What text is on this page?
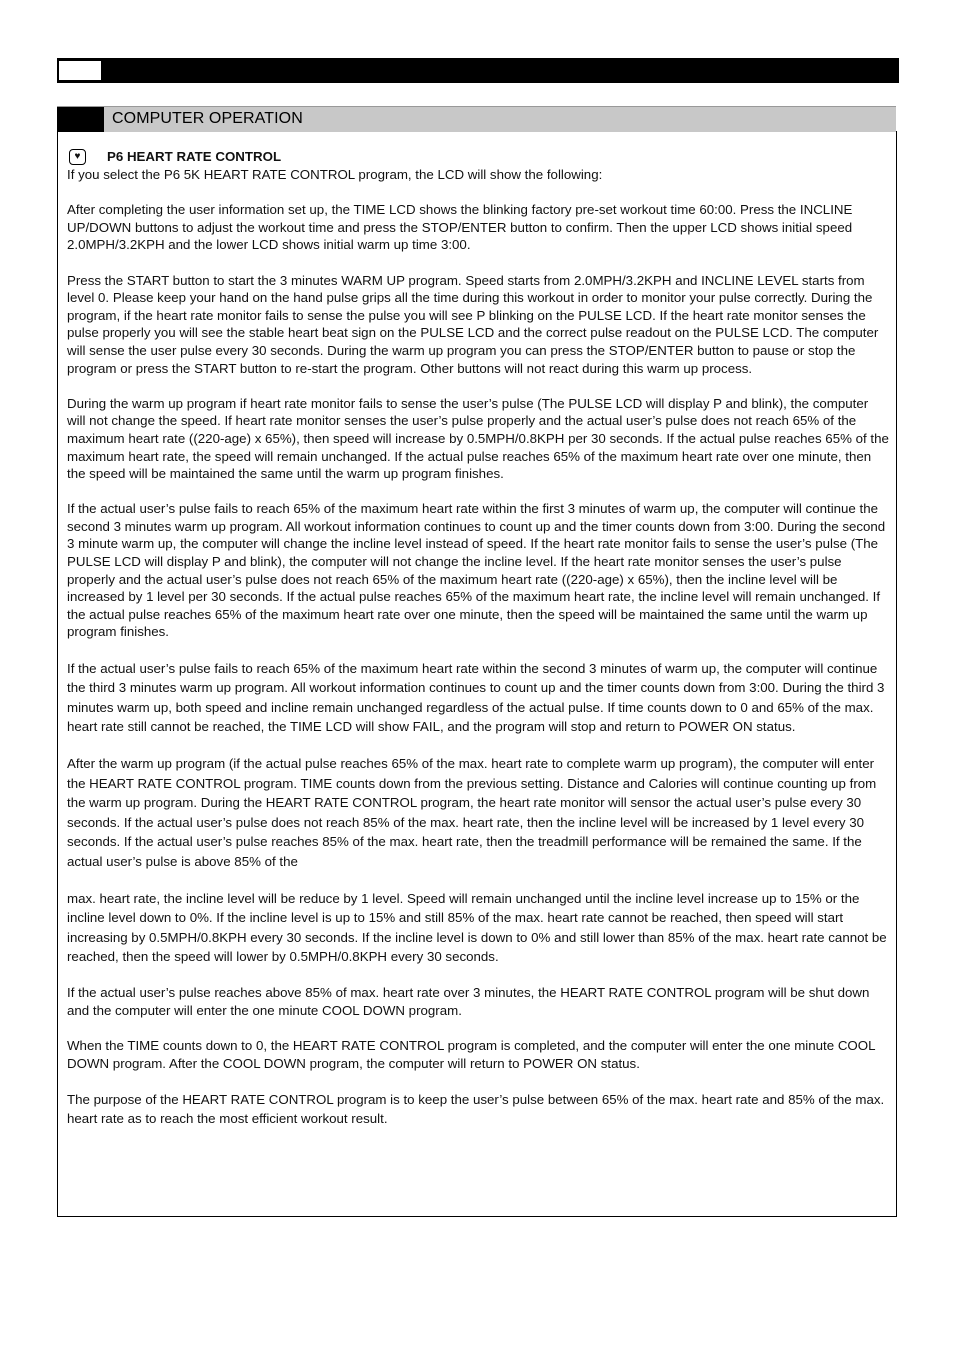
COMPUTER OPERATION
♥	P6 HEART RATE CONTROL

If you select the P6 5K HEART RATE CONTROL program, the LCD will show the following:

After completing the user information set up, the TIME LCD shows the blinking factory pre-set workout time 60:00. Press the INCLINE UP/DOWN buttons to adjust the workout time and press the STOP/ENTER button to confirm. Then the upper LCD shows initial speed 2.0MPH/3.2KPH and the lower LCD shows initial warm up time 3:00.

Press the START button to start the 3 minutes WARM UP program. Speed starts from 2.0MPH/3.2KPH and INCLINE LEVEL starts from level 0. Please keep your hand on the hand pulse grips all the time during this workout in order to monitor your pulse correctly. During the program, if the heart rate monitor fails to sense the pulse you will see P blinking on the PULSE LCD. If the heart rate monitor senses the pulse properly you will see the stable heart beat sign on the PULSE LCD and the correct pulse readout on the PULSE LCD. The computer will sense the user pulse every 30 seconds. During the warm up program you can press the STOP/ENTER button to pause or stop the program or press the START button to re-start the program. Other buttons will not react during this warm up process.

During the warm up program if heart rate monitor fails to sense the user’s pulse (The PULSE LCD will display P and blink), the computer will not change the speed. If heart rate monitor senses the user’s pulse properly and the actual user’s pulse does not reach 65% of the maximum heart rate ((220-age) x 65%), then speed will increase by 0.5MPH/0.8KPH per 30 seconds. If the actual pulse reaches 65% of the maximum heart rate, the speed will remain unchanged. If the actual pulse reaches 65% of the maximum heart rate over one minute, then the speed will be maintained the same until the warm up program finishes.

If the actual user’s pulse fails to reach 65% of the maximum heart rate within the first 3 minutes of warm up, the computer will continue the second 3 minutes warm up program. All workout information continues to count up and the timer counts down from 3:00. During the second 3 minute warm up, the computer will change the incline level instead of speed. If the heart rate monitor fails to sense the user’s pulse (The PULSE LCD will display P and blink), the computer will not change the incline level. If the heart rate monitor senses the user’s pulse properly and the actual user’s pulse does not reach 65% of the maximum heart rate ((220-age) x 65%), then the incline level will be increased by 1 level per 30 seconds. If the actual pulse reaches 65% of the maximum heart rate, the incline level will remain unchanged. If the actual pulse reaches 65% of the maximum heart rate over one minute, then the speed will be maintained the same until the warm up program finishes.

If the actual user’s pulse fails to reach 65% of the maximum heart rate within the second 3 minutes of warm up, the computer will continue the third 3 minutes warm up program. All workout information continues to count up and the timer counts down from 3:00. During the third 3 minutes warm up, both speed and incline remain unchanged regardless of the actual pulse. If time counts down to 0 and 65% of the max. heart rate still cannot be reached, the TIME LCD will show FAIL, and the program will stop and return to POWER ON status.

After the warm up program (if the actual pulse reaches 65% of the max. heart rate to complete warm up program), the computer will enter the HEART RATE CONTROL program. TIME counts down from the previous setting. Distance and Calories will continue counting up from the warm up program. During the HEART RATE CONTROL program, the heart rate monitor will sensor the actual user’s pulse every 30 seconds. If the actual user’s pulse does not reach 85% of the max. heart rate, then the incline level will be increased by 1 level every 30 seconds. If the actual user’s pulse reaches 85% of the max. heart rate, then the treadmill performance will be remained the same. If the actual user’s pulse is above 85% of the

max. heart rate, the incline level will be reduce by 1 level. Speed will remain unchanged until the incline level increase up to 15% or the incline level down to 0%. If the incline level is up to 15% and still 85% of the max. heart rate cannot be reached, then speed will start increasing by 0.5MPH/0.8KPH every 30 seconds. If the incline level is down to 0% and still lower than 85% of the max. heart rate cannot be reached, then the speed will lower by 0.5MPH/0.8KPH every 30 seconds.

If the actual user’s pulse reaches above 85% of max. heart rate over 3 minutes, the HEART RATE CONTROL program will be shut down and the computer will enter the one minute COOL DOWN program.

When the TIME counts down to 0, the HEART RATE CONTROL program is completed, and the computer will enter the one minute COOL DOWN program. After the COOL DOWN program, the computer will return to POWER ON status.

The purpose of the HEART RATE CONTROL program is to keep the user’s pulse between 65% of the max. heart rate and 85% of the max. heart rate as to reach the most efficient workout result.
